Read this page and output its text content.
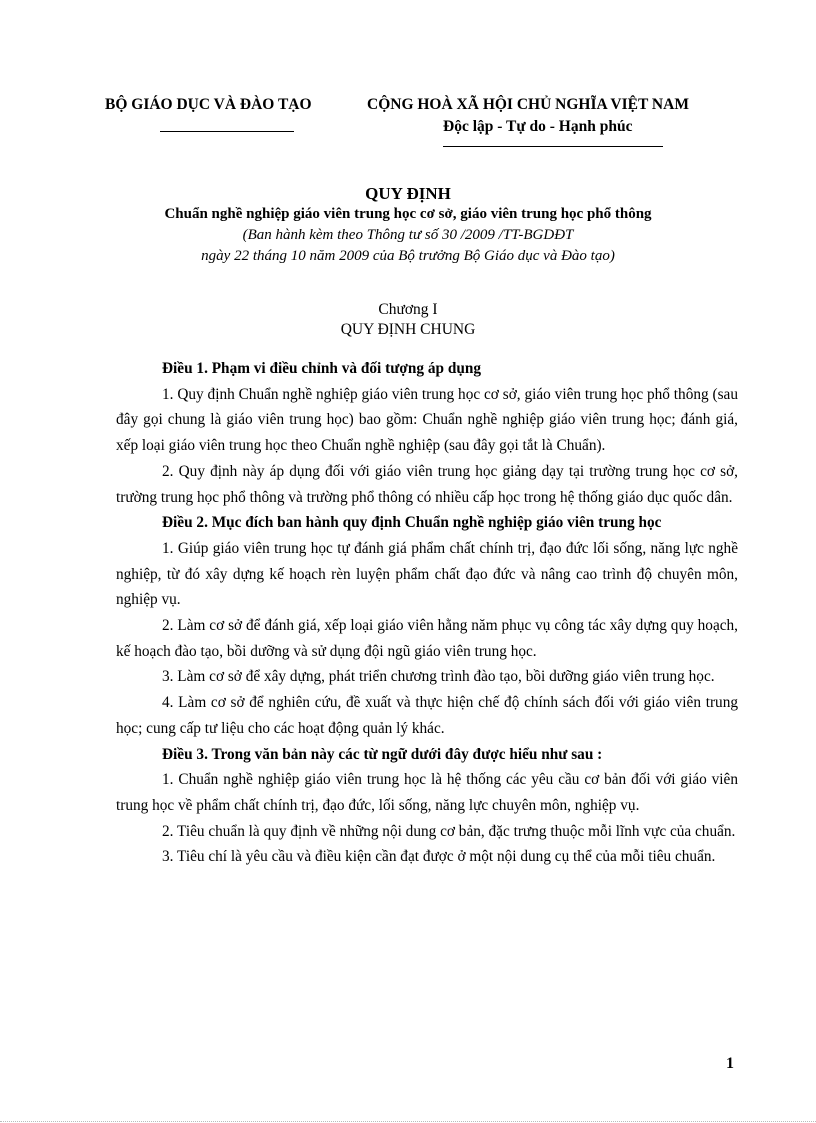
BỘ GIÁO DỤC VÀ ĐÀO TẠO	CỘNG HOÀ XÃ HỘI CHỦ NGHĨA VIỆT NAM
Độc lập - Tự do - Hạnh phúc
QUY ĐỊNH
Chuẩn nghề nghiệp giáo viên trung học cơ sở, giáo viên trung học phổ thông
(Ban hành kèm theo Thông tư số 30 /2009 /TT-BGDĐT
ngày 22 tháng 10 năm 2009 của Bộ trưởng Bộ Giáo dục và Đào tạo)
Chương I
QUY ĐỊNH CHUNG

Điều 1. Phạm vi điều chỉnh và đối tượng áp dụng

1. Quy định Chuẩn nghề nghiệp giáo viên trung học cơ sở, giáo viên trung học phổ thông (sau đây gọi chung là giáo viên trung học) bao gồm: Chuẩn nghề nghiệp giáo viên trung học; đánh giá, xếp loại giáo viên trung học theo Chuẩn nghề nghiệp (sau đây gọi tắt là Chuẩn).

2. Quy định này áp dụng đối với giáo viên trung học giảng dạy tại trường trung học cơ sở, trường trung học phổ thông và trường phổ thông có nhiều cấp học trong hệ thống giáo dục quốc dân.

Điều 2. Mục đích ban hành quy định Chuẩn nghề nghiệp giáo viên trung học

1. Giúp giáo viên trung học tự đánh giá phẩm chất chính trị, đạo đức lối sống, năng lực nghề nghiệp, từ đó xây dựng kế hoạch rèn luyện phẩm chất đạo đức và nâng cao trình độ chuyên môn, nghiệp vụ.

2. Làm cơ sở để đánh giá, xếp loại giáo viên hằng năm phục vụ công tác xây dựng quy hoạch, kế hoạch đào tạo, bồi dưỡng và sử dụng đội ngũ giáo viên trung học.

3. Làm cơ sở để xây dựng, phát triển chương trình đào tạo, bồi dưỡng giáo viên trung học.

4. Làm cơ sở để nghiên cứu, đề xuất và thực hiện chế độ chính sách đối với giáo viên trung học; cung cấp tư liệu cho các hoạt động quản lý khác.

Điều 3. Trong văn bản này các từ ngữ dưới đây được hiểu như sau :

1. Chuẩn nghề nghiệp giáo viên trung học là hệ thống các yêu cầu cơ bản đối với giáo viên trung học về phẩm chất chính trị, đạo đức, lối sống, năng lực chuyên môn, nghiệp vụ.

2. Tiêu chuẩn là quy định về những nội dung cơ bản, đặc trưng thuộc mỗi lĩnh vực của chuẩn.

3. Tiêu chí là yêu cầu và điều kiện cần đạt được ở một nội dung cụ thể của mỗi tiêu chuẩn.

1
